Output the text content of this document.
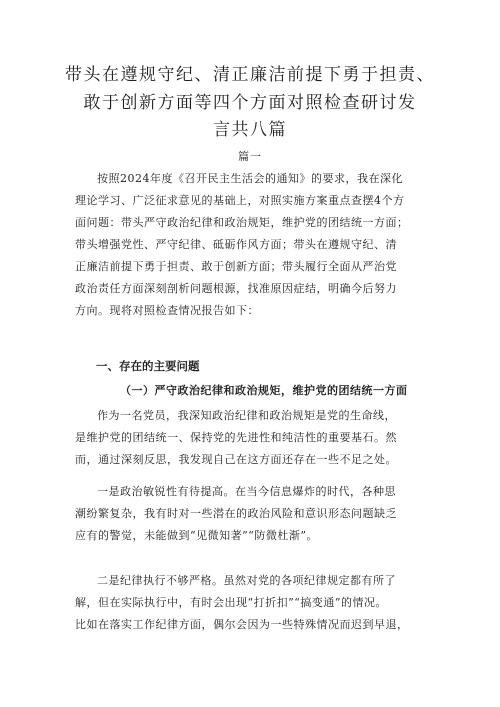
带头在遵规守纪、清正廉洁前提下勇于担责、
敢于创新方面等四个方面对照检查研讨发
言共八篇
篇一
按照2024年度《召开民主生活会的通知》的要求，我在深化
理论学习、广泛征求意见的基础上，对照实施方案重点查摆4个方
面问题：带头严守政治纪律和政治规矩，维护党的团结统一方面；
带头增强党性、严守纪律、砥砺作风方面；带头在遵规守纪、清
正廉洁前提下勇于担责、敢于创新方面；带头履行全面从严治党
政治责任方面深刻剖析问题根源，找准原因症结，明确今后努力
方向。现将对照检查情况报告如下：
一、存在的主要问题
（一）严守政治纪律和政治规矩，维护党的团结统一方面
作为一名党员，我深知政治纪律和政治规矩是党的生命线，
是维护党的团结统一、保持党的先进性和纯洁性的重要基石。然
而，通过深刻反思，我发现自己在这方面还存在一些不足之处。
一是政治敏锐性有待提高。在当今信息爆炸的时代，各种思
潮纷繁复杂，我有时对一些潜在的政治风险和意识形态问题缺乏
应有的警觉，未能做到“见微知著”“防微杜渐”。
二是纪律执行不够严格。虽然对党的各项纪律规定都有所了
解，但在实际执行中，有时会出现“打折扣”“搞变通”的情况。
比如在落实工作纪律方面，偶尔会因为一些特殊情况而迟到早退，
